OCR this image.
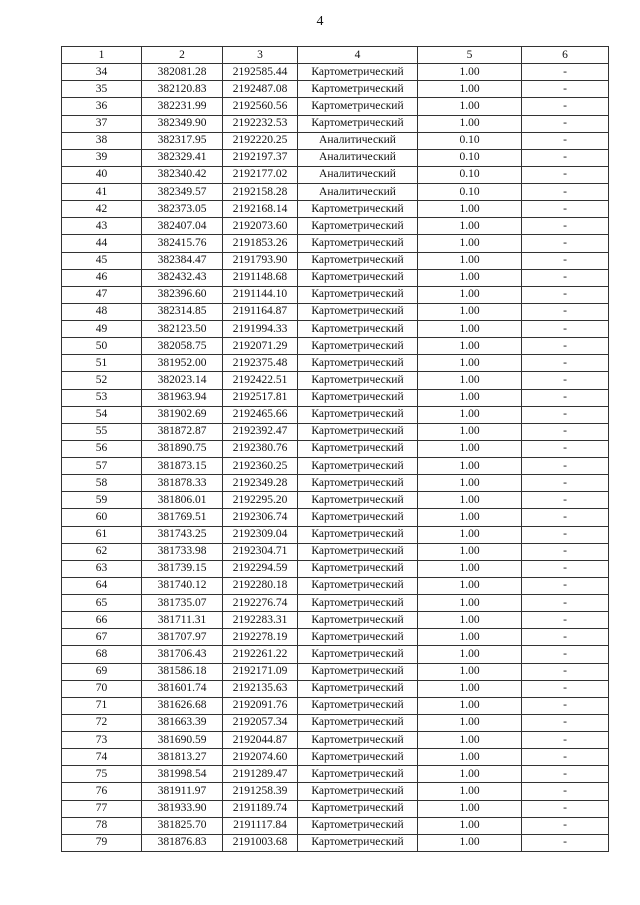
4
1	2	3	4	5	6
34	382081.28	2192585.44	Картометрический	1.00	-
35	382120.83	2192487.08	Картометрический	1.00	-
36	382231.99	2192560.56	Картометрический	1.00	-
37	382349.90	2192232.53	Картометрический	1.00	-
38	382317.95	2192220.25	Аналитический	0.10	-
39	382329.41	2192197.37	Аналитический	0.10	-
40	382340.42	2192177.02	Аналитический	0.10	-
41	382349.57	2192158.28	Аналитический	0.10	-
42	382373.05	2192168.14	Картометрический	1.00	-
43	382407.04	2192073.60	Картометрический	1.00	-
44	382415.76	2191853.26	Картометрический	1.00	-
45	382384.47	2191793.90	Картометрический	1.00	-
46	382432.43	2191148.68	Картометрический	1.00	-
47	382396.60	2191144.10	Картометрический	1.00	-
48	382314.85	2191164.87	Картометрический	1.00	-
49	382123.50	2191994.33	Картометрический	1.00	-
50	382058.75	2192071.29	Картометрический	1.00	-
51	381952.00	2192375.48	Картометрический	1.00	-
52	382023.14	2192422.51	Картометрический	1.00	-
53	381963.94	2192517.81	Картометрический	1.00	-
54	381902.69	2192465.66	Картометрический	1.00	-
55	381872.87	2192392.47	Картометрический	1.00	-
56	381890.75	2192380.76	Картометрический	1.00	-
57	381873.15	2192360.25	Картометрический	1.00	-
58	381878.33	2192349.28	Картометрический	1.00	-
59	381806.01	2192295.20	Картометрический	1.00	-
60	381769.51	2192306.74	Картометрический	1.00	-
61	381743.25	2192309.04	Картометрический	1.00	-
62	381733.98	2192304.71	Картометрический	1.00	-
63	381739.15	2192294.59	Картометрический	1.00	-
64	381740.12	2192280.18	Картометрический	1.00	-
65	381735.07	2192276.74	Картометрический	1.00	-
66	381711.31	2192283.31	Картометрический	1.00	-
67	381707.97	2192278.19	Картометрический	1.00	-
68	381706.43	2192261.22	Картометрический	1.00	-
69	381586.18	2192171.09	Картометрический	1.00	-
70	381601.74	2192135.63	Картометрический	1.00	-
71	381626.68	2192091.76	Картометрический	1.00	-
72	381663.39	2192057.34	Картометрический	1.00	-
73	381690.59	2192044.87	Картометрический	1.00	-
74	381813.27	2192074.60	Картометрический	1.00	-
75	381998.54	2191289.47	Картометрический	1.00	-
76	381911.97	2191258.39	Картометрический	1.00	-
77	381933.90	2191189.74	Картометрический	1.00	-
78	381825.70	2191117.84	Картометрический	1.00	-
79	381876.83	2191003.68	Картометрический	1.00	-
